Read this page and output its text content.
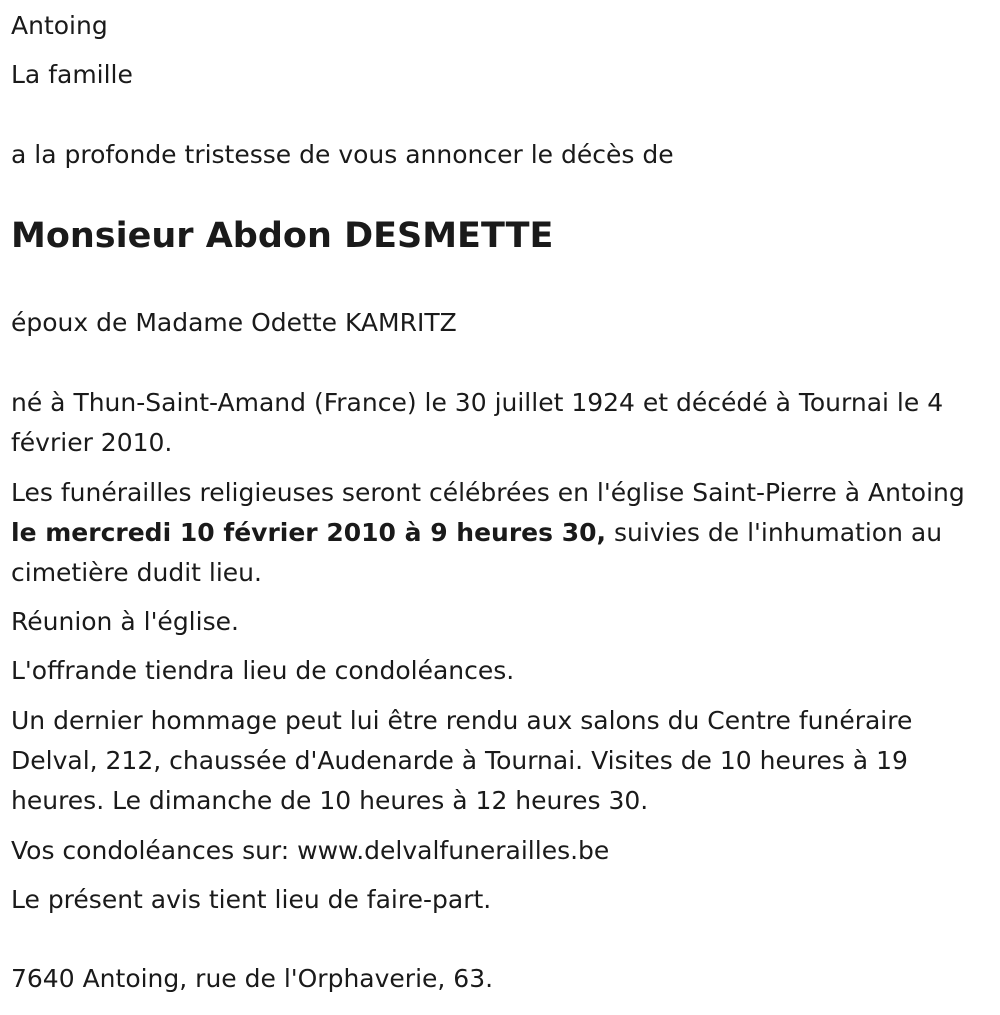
Antoing
La famille
a la profonde tristesse de vous annoncer le décès de
Monsieur Abdon DESMETTE
époux de Madame Odette KAMRITZ
né à Thun-Saint-Amand (France) le 30 juillet 1924 et décédé à Tournai le 4 février 2010.
Les funérailles religieuses seront célébrées en l'église Saint-Pierre à Antoing le mercredi 10 février 2010 à 9 heures 30, suivies de l'inhumation au cimetière dudit lieu.
Réunion à l'église.
L'offrande tiendra lieu de condoléances.
Un dernier hommage peut lui être rendu aux salons du Centre funéraire Delval, 212, chaussée d'Audenarde à Tournai. Visites de 10 heures à 19 heures. Le dimanche de 10 heures à 12 heures 30.
Vos condoléances sur: www.delvalfunerailles.be
Le présent avis tient lieu de faire-part.
7640 Antoing, rue de l'Orphaverie, 63.
